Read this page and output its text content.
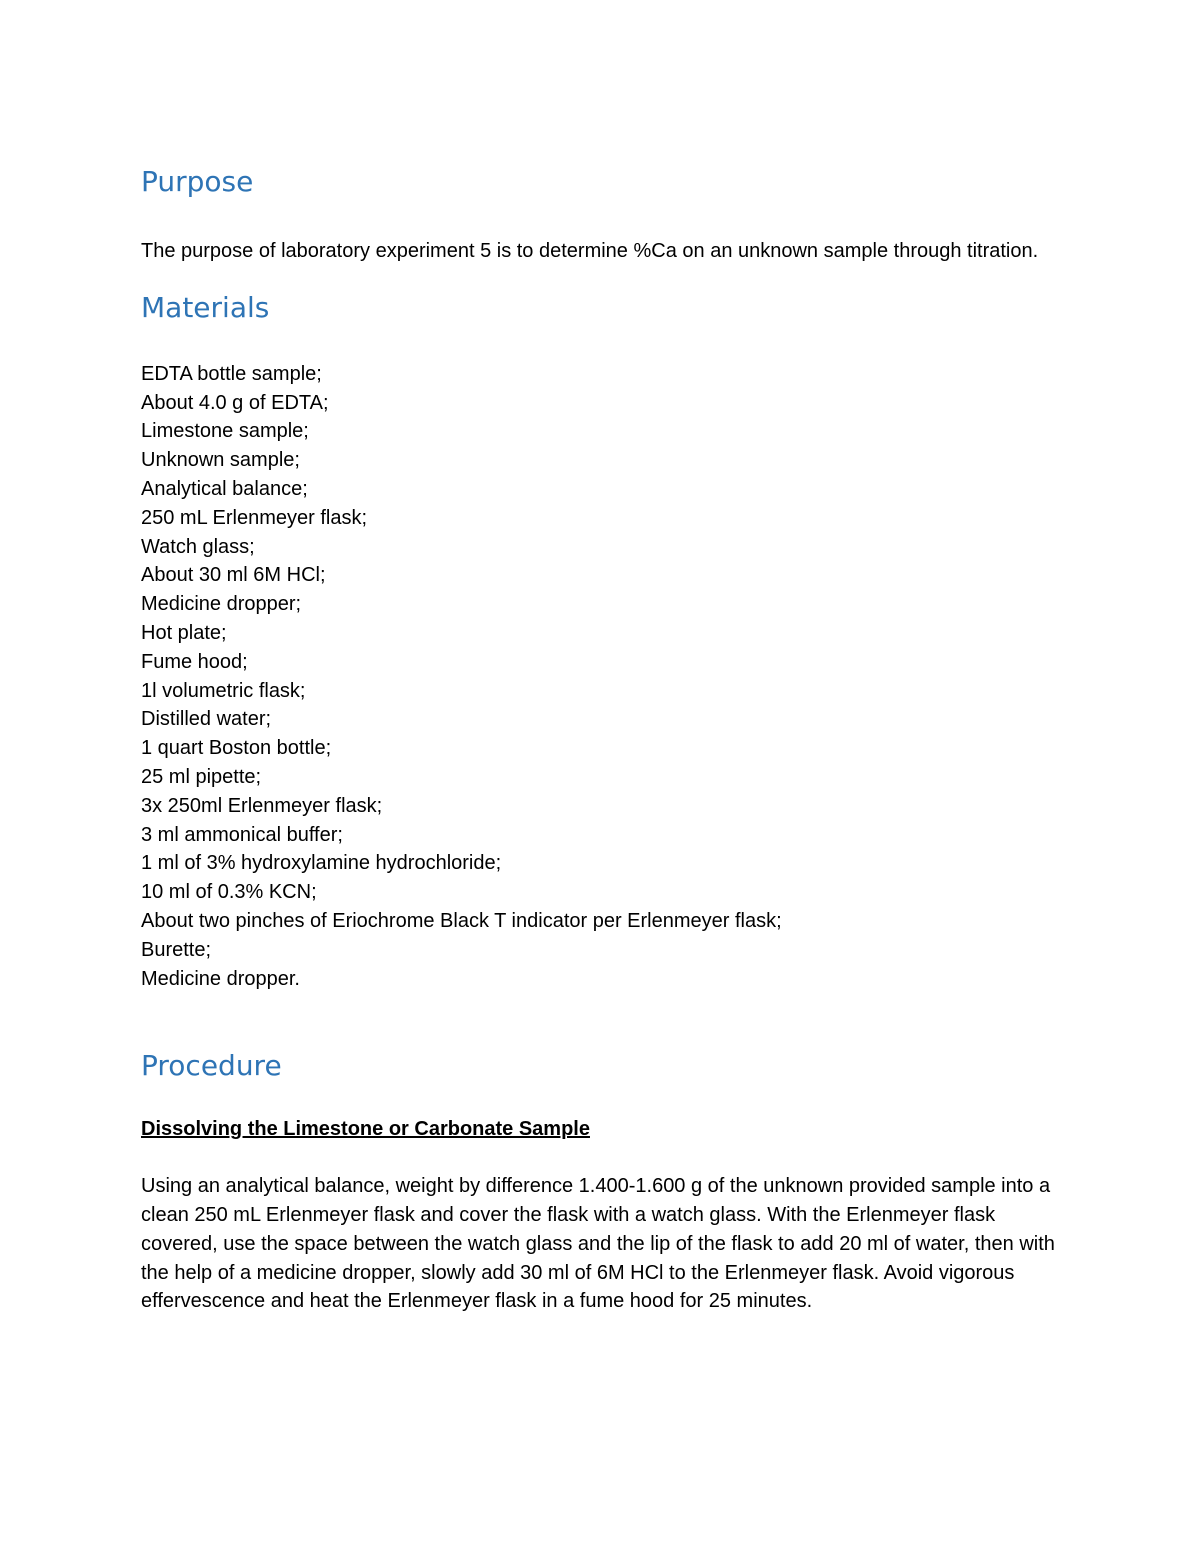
Purpose

The purpose of laboratory experiment 5 is to determine %Ca on an unknown sample through titration.

Materials
EDTA bottle sample;
About 4.0 g of EDTA;
Limestone sample;
Unknown sample;
Analytical balance;
250 mL Erlenmeyer flask;
Watch glass;
About 30 ml 6M HCl;
Medicine dropper;
Hot plate;
Fume hood;
1l volumetric flask;
Distilled water;
1 quart Boston bottle;
25 ml pipette;
3x 250ml Erlenmeyer flask;
3 ml ammonical buffer;
1 ml of 3% hydroxylamine hydrochloride;
10 ml of 0.3% KCN;
About two pinches of Eriochrome Black T indicator per Erlenmeyer flask;
Burette;
Medicine dropper.
Procedure
Dissolving the Limestone or Carbonate Sample

Using an analytical balance, weight by difference 1.400-1.600 g of the unknown provided sample into a clean 250 mL Erlenmeyer flask and cover the flask with a watch glass. With the Erlenmeyer flask covered, use the space between the watch glass and the lip of the flask to add 20 ml of water, then with the help of a medicine dropper, slowly add 30 ml of 6M HCl to the Erlenmeyer flask. Avoid vigorous effervescence and heat the Erlenmeyer flask in a fume hood for 25 minutes.
